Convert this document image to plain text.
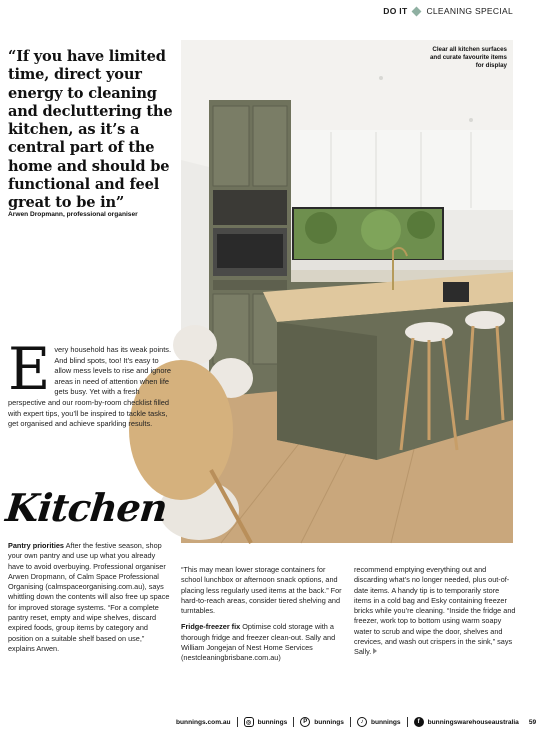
DO IT CLEANING SPECIAL
“If you have limited time, direct your energy to cleaning and decluttering the kitchen, as it’s a central part of the home and should be functional and feel great to be in”
Arwen Dropmann, professional organiser
Clear all kitchen surfaces and curate favourite items for display
E very household has its weak points. And blind spots, too! It’s easy to allow mess levels to rise and ignore areas in need of attention when life gets busy. Yet with a fresh perspective and our room-by-room checklist filled with expert tips, you’ll be inspired to tackle tasks, get organised and achieve sparkling results.
Kitchen

Pantry priorities After the festive season, shop your own pantry and use up what you already have to avoid overbuying. Professional organiser Arwen Dropmann, of Calm Space Professional Organising (calmspaceorganising.com.au), says whittling down the contents will also free up space for improved storage systems. “For a complete pantry reset, empty and wipe shelves, discard expired foods, group items by category and position on a suitable shelf based on use,” explains Arwen.

“This may mean lower storage containers for school lunchbox or afternoon snack options, and placing less regularly used items at the back.” For hard-to-reach areas, consider tiered shelving and turntables.

Fridge-freezer fix Optimise cold storage with a thorough fridge and freezer clean-out. Sally and William Jongejan of Nest Home Services (nestcleaningbrisbane.com.au)

recommend emptying everything out and discarding what’s no longer needed, plus out-of-date items. A handy tip is to temporarily store items in a cold bag and Esky containing freezer bricks while you’re cleaning. “Inside the fridge and freezer, work top to bottom using warm soapy water to scrub and wipe the door, shelves and crevices, and wash out crispers in the sink,” says Sally.

bunnings.com.au	◎ bunnings	P	bunnings	♪	bunnings	f	bunningswarehouseaustralia 59
